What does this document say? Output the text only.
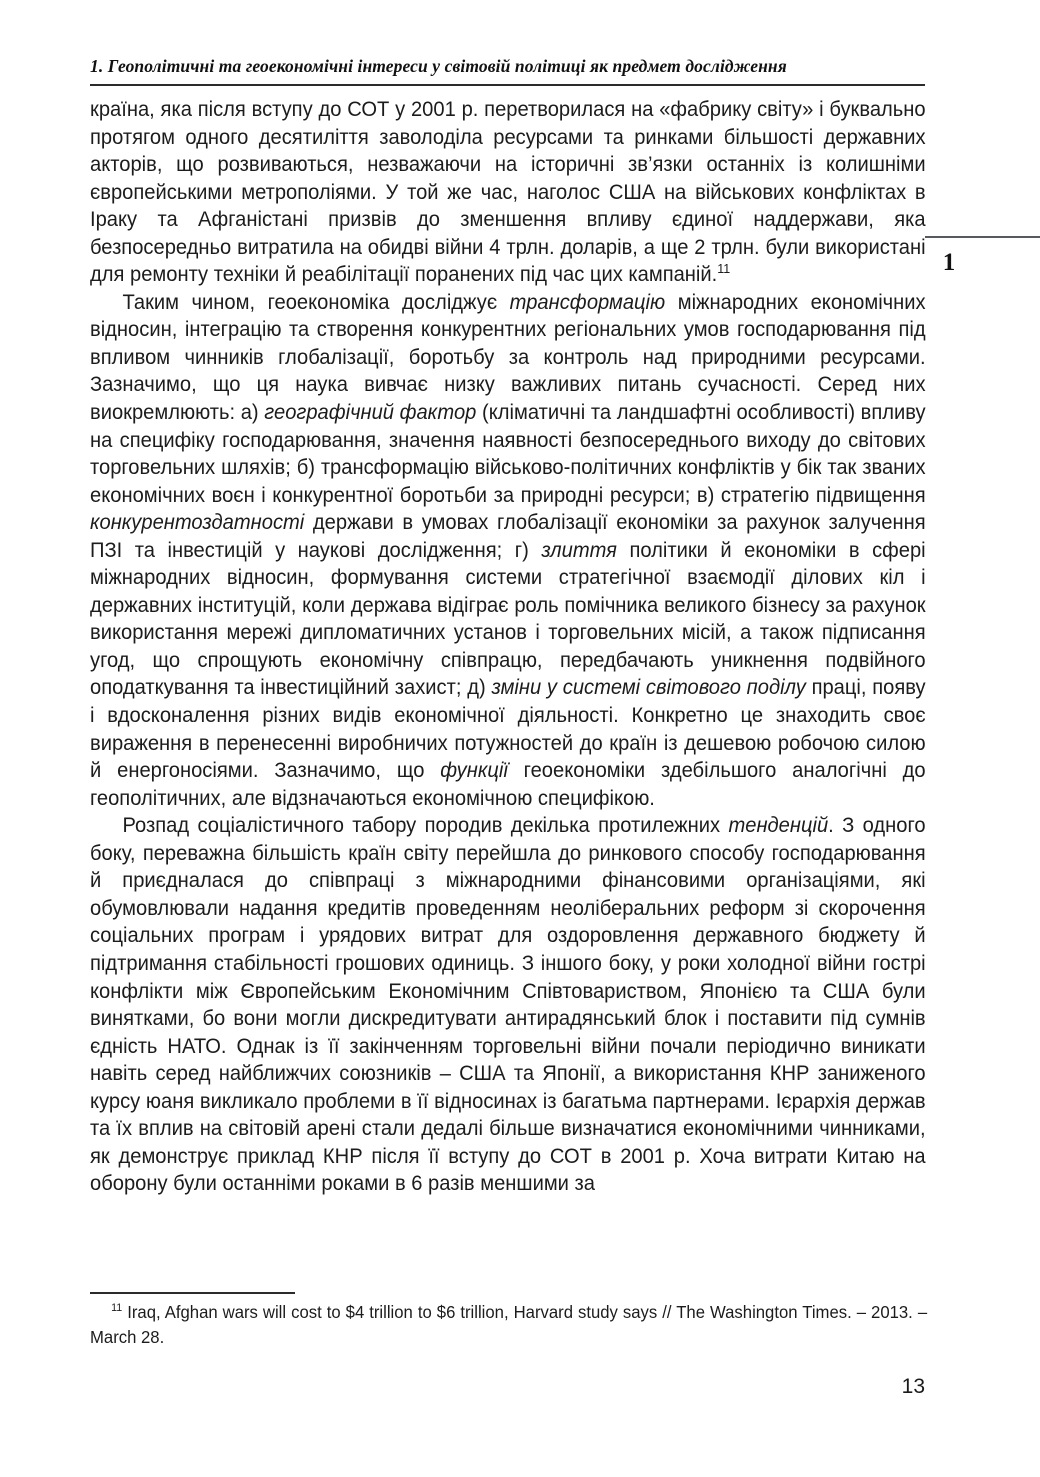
1. Геополітичні та геоекономічні інтереси у світовій політиці як предмет дослідження
1

країна, яка після вступу до СОТ у 2001 р. перетворилася на «фабрику світу» і буквально протягом одного десятиліття заволоділа ресурсами та ринками більшості державних акторів, що розвиваються, незважаючи на історичні зв’язки останніх із колишніми європейськими метрополіями. У той же час, наголос США на військових конфліктах в Іраку та Афганістані призвів до зменшення впливу єдиної наддержави, яка безпосередньо витратила на обидві війни 4 трлн. доларів, а ще 2 трлн. були використані для ремонту техніки й реабілітації поранених під час цих кампаній.$^{11}$

Таким чином, геоекономіка досліджує трансформацію міжнародних економічних відносин, інтеграцію та створення конкурентних регіональних умов господарювання під впливом чинників глобалізації, боротьбу за контроль над природними ресурсами. Зазначимо, що ця наука вивчає низку важливих питань сучасності. Серед них виокремлюють: а) географічний фактор (кліматичні та ландшафтні особливості) впливу на специфіку господарювання, значення наявності безпосереднього виходу до світових торговельних шляхів; б) трансформацію військово-політичних конфліктів у бік так званих економічних воєн і конкурентної боротьби за природні ресурси; в) стратегію підвищення конкурентоздатності держави в умовах глобалізації економіки за рахунок залучення ПЗІ та інвестицій у наукові дослідження; г) злиття політики й економіки в сфері міжнародних відносин, формування системи стратегічної взаємодії ділових кіл і державних інституцій, коли держава відіграє роль помічника великого бізнесу за рахунок використання мережі дипломатичних установ і торговельних місій, а також підписання угод, що спрощують економічну співпрацю, передбачають уникнення подвійного оподаткування та інвестиційний захист; д) зміни у системі світового поділу праці, появу і вдосконалення різних видів економічної діяльності. Конкретно це знаходить своє вираження в перенесенні виробничих потужностей до країн із дешевою робочою силою й енергоносіями. Зазначимо, що функції геоекономіки здебільшого аналогічні до геополітичних, але відзначаються економічною специфікою.

Розпад соціалістичного табору породив декілька протилежних тенденцій. З одного боку, переважна більшість країн світу перейшла до ринкового способу господарювання й приєдналася до співпраці з міжнародними фінансовими організаціями, які обумовлювали надання кредитів проведенням неоліберальних реформ зі скорочення соціальних програм і урядових витрат для оздоровлення державного бюджету й підтримання стабільності грошових одиниць. З іншого боку, у роки холодної війни гострі конфлікти між Європейським Економічним Співтовариством, Японією та США були винятками, бо вони могли дискредитувати антирадянський блок і поставити під сумнів єдність НАТО. Однак із її закінченням торговельні війни почали періодично виникати навіть серед найближчих союзників – США та Японії, а використання КНР заниженого курсу юаня викликало проблеми в її відносинах із багатьма партнерами. Ієрархія держав та їх вплив на світовій арені стали дедалі більше визначатися економічними чинниками, як демонструє приклад КНР після її вступу до СОТ в 2001 р. Хоча витрати Китаю на оборону були останніми роками в 6 разів меншими за

$^{11}$ Iraq, Afghan wars will cost to $4 trillion to $6 trillion, Harvard study says // The Washington Times. – 2013. – March 28.
13
